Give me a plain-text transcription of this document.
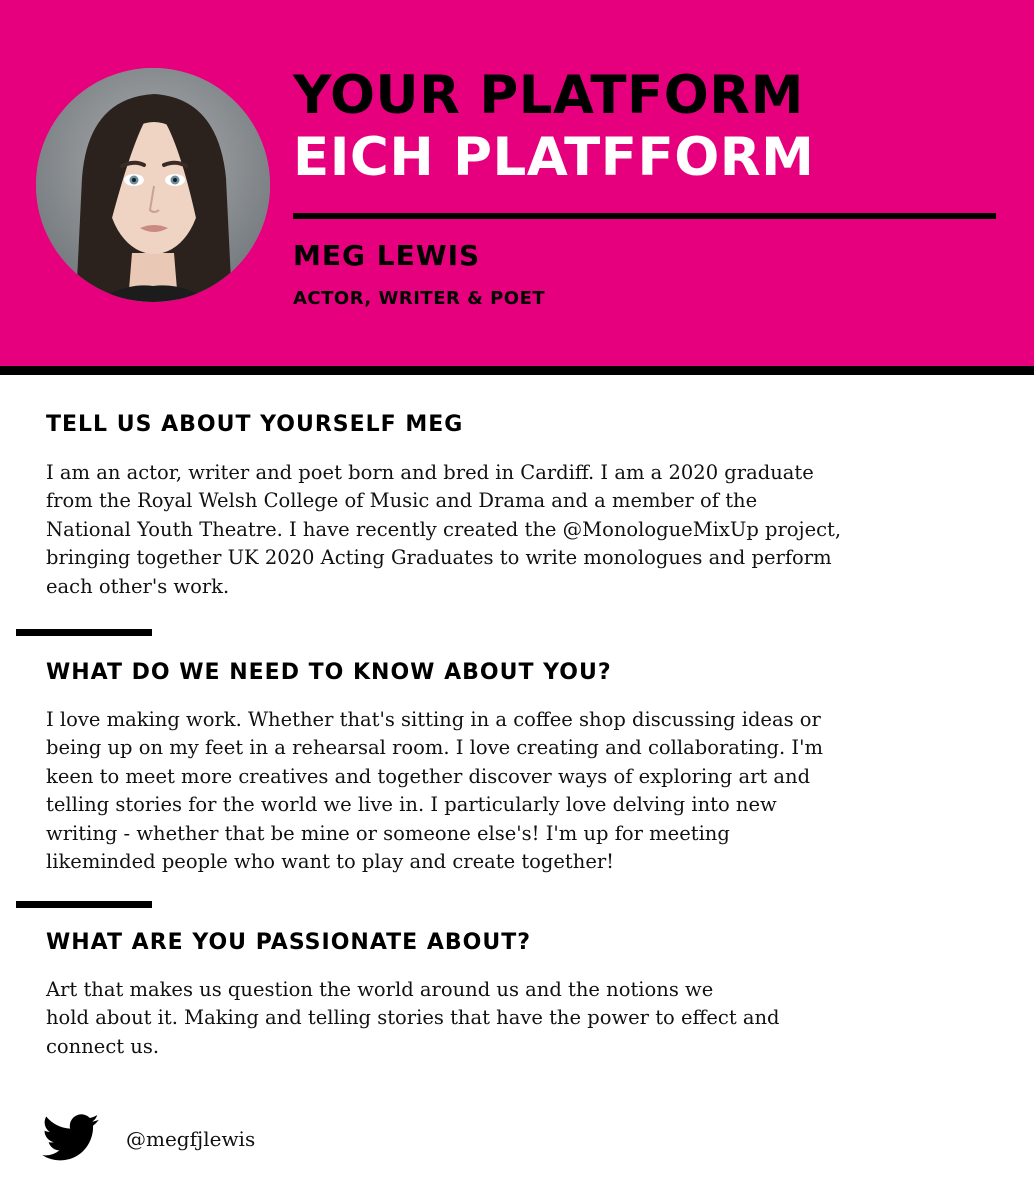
YOUR PLATFORM
EICH PLATFFORM
MEG LEWIS
ACTOR, WRITER & POET
TELL US ABOUT YOURSELF MEG
I am an actor, writer and poet born and bred in Cardiff. I am a 2020 graduate
from the Royal Welsh College of Music and Drama and a member of the
National Youth Theatre. I have recently created the @MonologueMixUp project,
bringing together UK 2020 Acting Graduates to write monologues and perform
each other's work.
WHAT DO WE NEED TO KNOW ABOUT YOU?
I love making work. Whether that's sitting in a coffee shop discussing ideas or
being up on my feet in a rehearsal room. I love creating and collaborating. I'm
keen to meet more creatives and together discover ways of exploring art and
telling stories for the world we live in. I particularly love delving into new
writing - whether that be mine or someone else's! I'm up for meeting
likeminded people who want to play and create together!
WHAT ARE YOU PASSIONATE ABOUT?
Art that makes us question the world around us and the notions we
hold about it. Making and telling stories that have the power to effect and
connect us.
@megfjlewis
